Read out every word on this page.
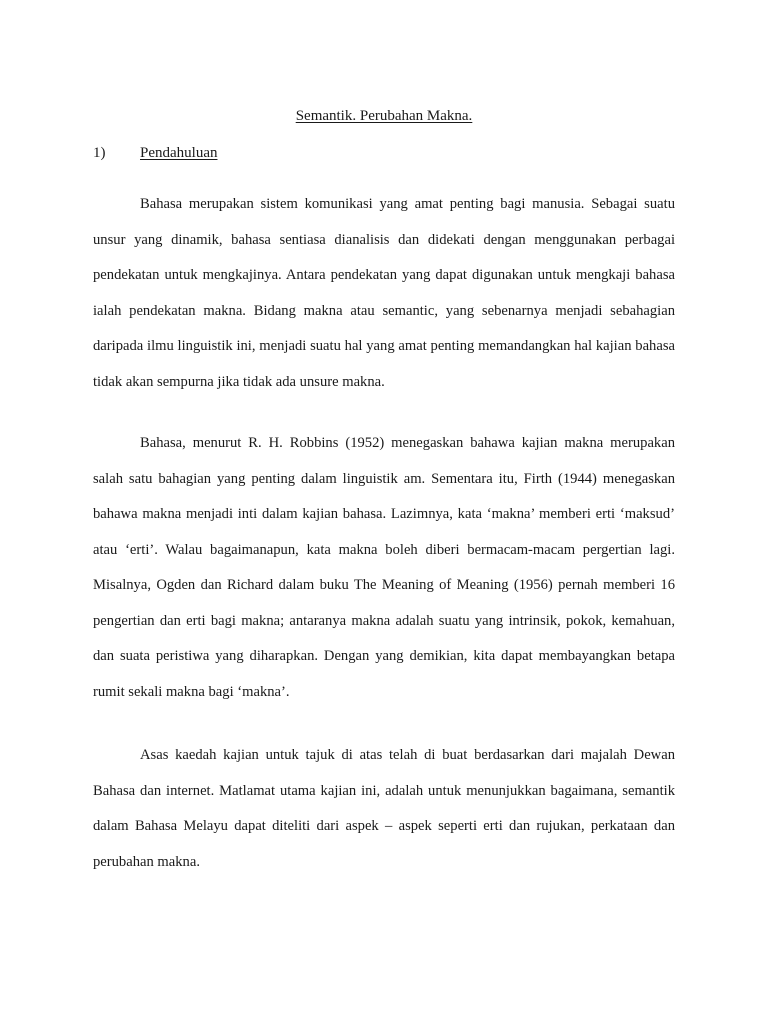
Semantik. Perubahan Makna.
1) Pendahuluan

Bahasa merupakan sistem komunikasi yang amat penting bagi manusia. Sebagai suatu unsur yang dinamik, bahasa sentiasa dianalisis dan didekati dengan menggunakan perbagai pendekatan untuk mengkajinya. Antara pendekatan yang dapat digunakan untuk mengkaji bahasa ialah pendekatan makna. Bidang makna atau semantic, yang sebenarnya menjadi sebahagian daripada ilmu linguistik ini, menjadi suatu hal yang amat penting memandangkan hal kajian bahasa tidak akan sempurna jika tidak ada unsure makna.

Bahasa, menurut R. H. Robbins (1952) menegaskan bahawa kajian makna merupakan salah satu bahagian yang penting dalam linguistik am. Sementara itu, Firth (1944) menegaskan bahawa makna menjadi inti dalam kajian bahasa. Lazimnya, kata ‘makna’ memberi erti ‘maksud’ atau ‘erti’. Walau bagaimanapun, kata makna boleh diberi bermacam-macam pergertian lagi. Misalnya, Ogden dan Richard dalam buku The Meaning of Meaning (1956) pernah memberi 16 pengertian dan erti bagi makna; antaranya makna adalah suatu yang intrinsik, pokok, kemahuan, dan suata peristiwa yang diharapkan. Dengan yang demikian, kita dapat membayangkan betapa rumit sekali makna bagi ‘makna’.

Asas kaedah kajian untuk tajuk di atas telah di buat berdasarkan dari majalah Dewan Bahasa dan internet. Matlamat utama kajian ini, adalah untuk menunjukkan bagaimana, semantik dalam Bahasa Melayu dapat diteliti dari aspek – aspek seperti erti dan rujukan, perkataan dan perubahan makna.
